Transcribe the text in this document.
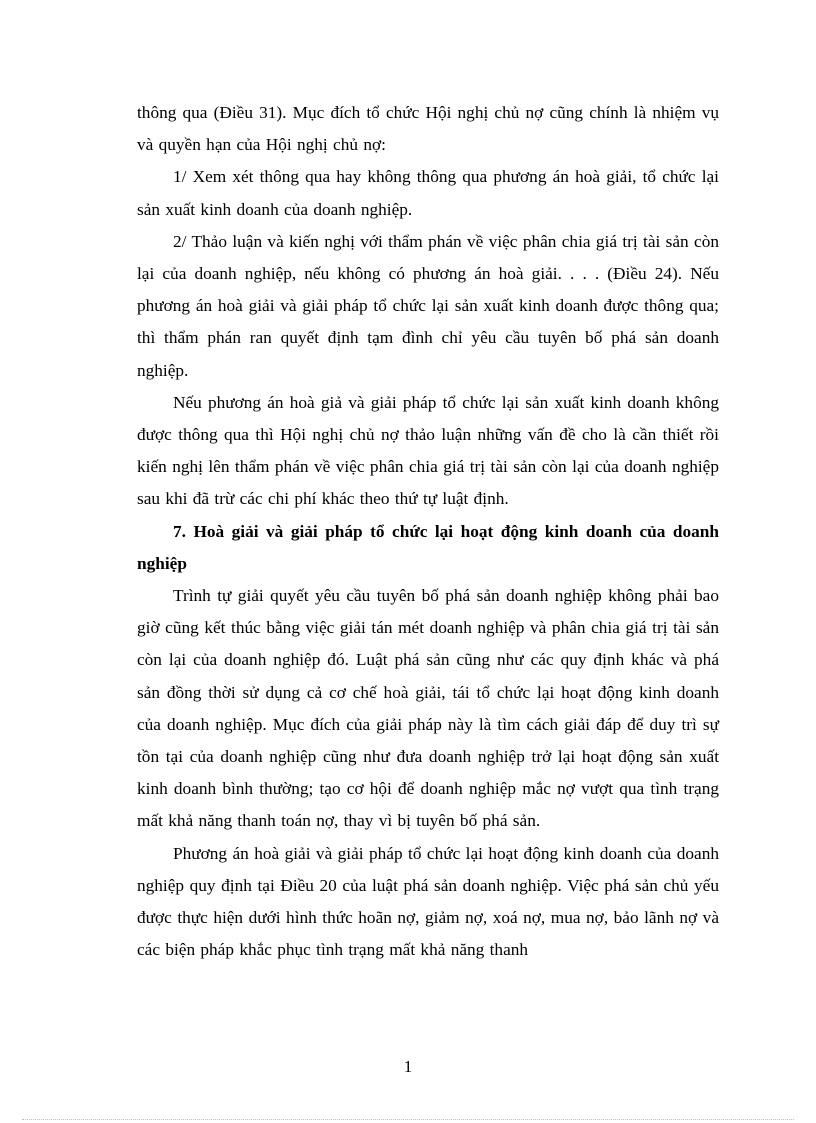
thông qua (Điều 31). Mục đích tổ chức Hội nghị chủ nợ cũng chính là nhiệm vụ và quyền hạn của Hội nghị chủ nợ:

1/ Xem xét thông qua hay không thông qua phương án hoà giải, tổ chức lại sản xuất kinh doanh của doanh nghiệp.

2/ Thảo luận và kiến nghị với thẩm phán về việc phân chia giá trị tài sản còn lại của doanh nghiệp, nếu không có phương án hoà giải. . . . (Điều 24). Nếu phương án hoà giải và giải pháp tổ chức lại sản xuất kinh doanh được thông qua; thì thẩm phán ran quyết định tạm đình chỉ yêu cầu tuyên bố phá sản doanh nghiệp.

Nếu phương án hoà giả và giải pháp tổ chức lại sản xuất kinh doanh không được thông qua thì Hội nghị chủ nợ thảo luận những vấn đề cho là cần thiết rồi kiến nghị lên thẩm phán về việc phân chia giá trị tài sản còn lại của doanh nghiệp sau khi đã trừ các chi phí khác theo thứ tự luật định.

7. Hoà giải và giải pháp tổ chức lại hoạt động kinh doanh của doanh nghiệp

Trình tự giải quyết yêu cầu tuyên bố phá sản doanh nghiệp không phải bao giờ cũng kết thúc bằng việc giải tán mét doanh nghiệp và phân chia giá trị tài sản còn lại của doanh nghiệp đó. Luật phá sản cũng như các quy định khác và phá sản đồng thời sử dụng cả cơ chế hoà giải, tái tổ chức lại hoạt động kinh doanh của doanh nghiệp. Mục đích của giải pháp này là tìm cách giải đáp để duy trì sự tồn tại của doanh nghiệp cũng như đưa doanh nghiệp trở lại hoạt động sản xuất kinh doanh bình thường; tạo cơ hội để doanh nghiệp mắc nợ vượt qua tình trạng mất khả năng thanh toán nợ, thay vì bị tuyên bố phá sản.

Phương án hoà giải và giải pháp tổ chức lại hoạt động kinh doanh của doanh nghiệp quy định tại Điều 20 của luật phá sản doanh nghiệp. Việc phá sản chủ yếu được thực hiện dưới hình thức hoãn nợ, giảm nợ, xoá nợ, mua nợ, bảo lãnh nợ và các biện pháp khắc phục tình trạng mất khả năng thanh

1
